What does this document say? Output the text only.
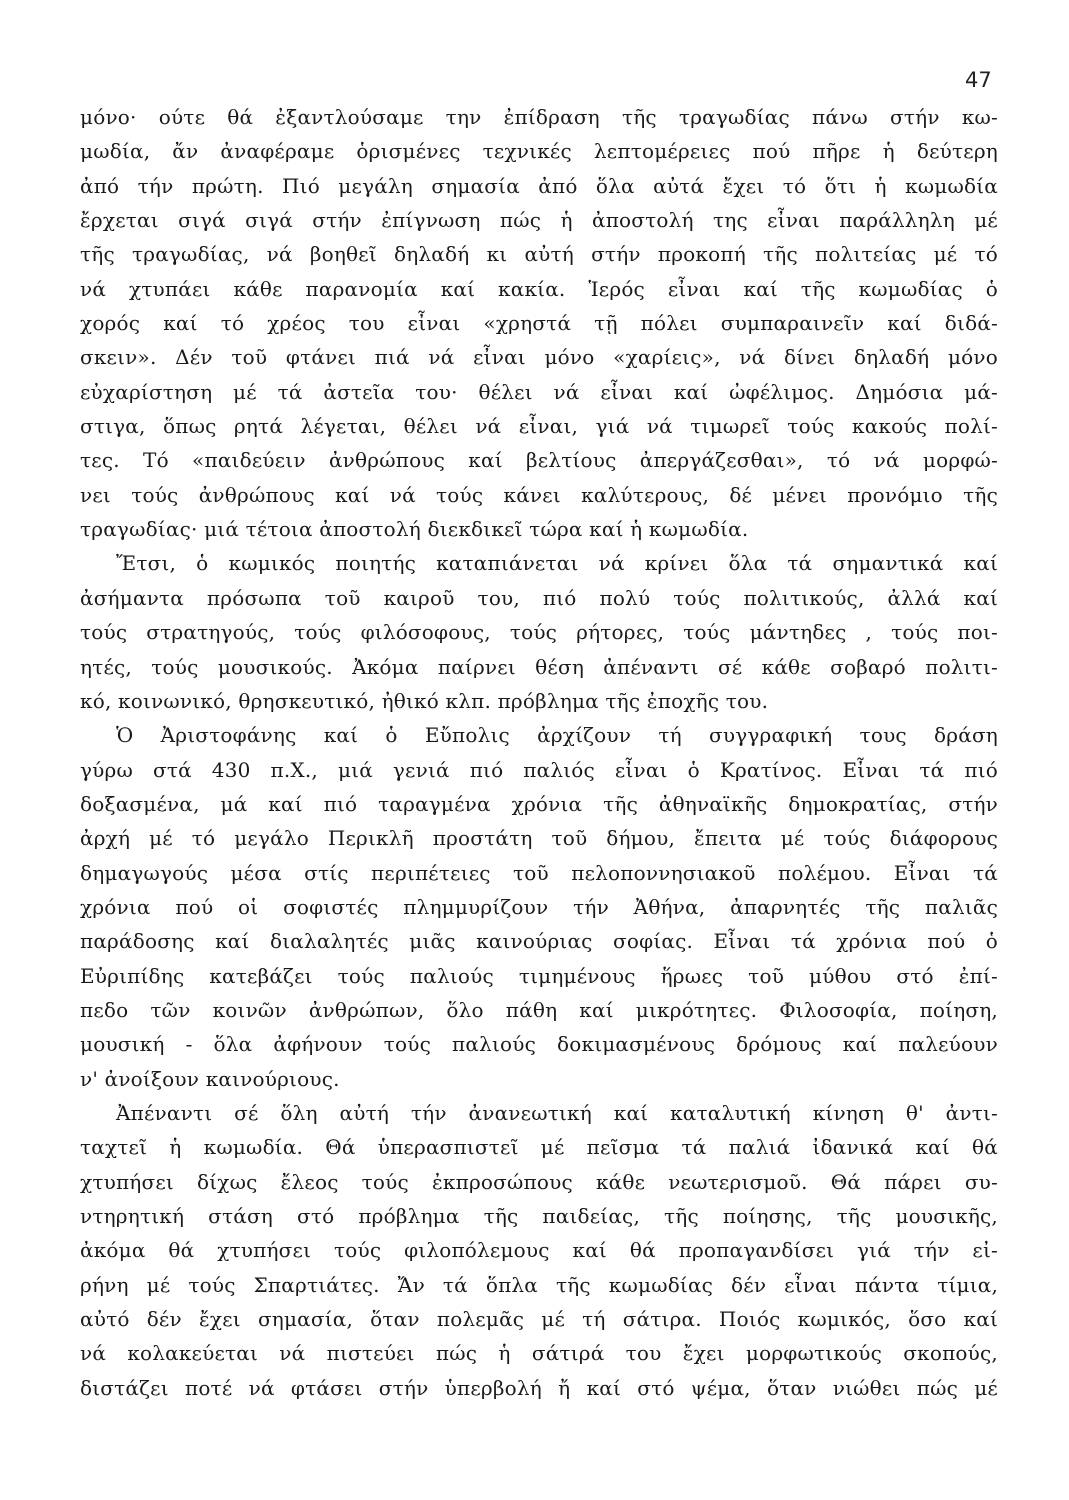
47
μόνο· ούτε θά ἐξαντλούσαμε την ἐπίδραση τῆς τραγωδίας πάνω στήν κω-
μωδία, ἄν ἀναφέραμε ὁρισμένες τεχνικές λεπτομέρειες πού πῆρε ἡ δεύτερη
ἀπό τήν πρώτη. Πιό μεγάλη σημασία ἀπό ὅλα αὐτά ἔχει τό ὅτι ἡ κωμωδία
ἔρχεται σιγά σιγά στήν ἐπίγνωση πώς ἡ ἀποστολή της εἶναι παράλληλη μέ
τῆς τραγωδίας, νά βοηθεῖ δηλαδή κι αὐτή στήν προκοπή τῆς πολιτείας μέ τό
νά χτυπάει κάθε παρανομία καί κακία. Ἱερός εἶναι καί τῆς κωμωδίας ὁ
χορός καί τό χρέος του εἶναι «χρηστά τῇ πόλει συμπαραινεῖν καί διδά-
σκειν». Δέν τοῦ φτάνει πιά νά εἶναι μόνο «χαρίεις», νά δίνει δηλαδή μόνο
εὐχαρίστηση μέ τά ἀστεῖα του· θέλει νά εἶναι καί ὠφέλιμος. Δημόσια μά-
στιγα, ὅπως ρητά λέγεται, θέλει νά εἶναι, γιά νά τιμωρεῖ τούς κακούς πολί-
τες. Τό «παιδεύειν ἀνθρώπους καί βελτίους ἀπεργάζεσθαι», τό νά μορφώ-
νει τούς ἀνθρώπους καί νά τούς κάνει καλύτερους, δέ μένει προνόμιο τῆς
τραγωδίας· μιά τέτοια ἀποστολή διεκδικεῖ τώρα καί ἡ κωμωδία.
Ἔτσι, ὁ κωμικός ποιητής καταπιάνεται νά κρίνει ὅλα τά σημαντικά καί
ἀσήμαντα πρόσωπα τοῦ καιροῦ του, πιό πολύ τούς πολιτικούς, ἀλλά καί
τούς στρατηγούς, τούς φιλόσοφους, τούς ρήτορες, τούς μάντηδες , τούς ποι-
ητές, τούς μουσικούς. Ἀκόμα παίρνει θέση ἀπέναντι σέ κάθε σοβαρό πολιτι-
κό, κοινωνικό, θρησκευτικό, ἠθικό κλπ. πρόβλημα τῆς ἐποχῆς του.
Ὁ Ἀριστοφάνης καί ὁ Εὔπολις ἀρχίζουν τή συγγραφική τους δράση
γύρω στά 430 π.Χ., μιά γενιά πιό παλιός εἶναι ὁ Κρατίνος. Εἶναι τά πιό
δοξασμένα, μά καί πιό ταραγμένα χρόνια τῆς ἀθηναϊκῆς δημοκρατίας, στήν
ἀρχή μέ τό μεγάλο Περικλῆ προστάτη τοῦ δήμου, ἔπειτα μέ τούς διάφορους
δημαγωγούς μέσα στίς περιπέτειες τοῦ πελοποννησιακοῦ πολέμου. Εἶναι τά
χρόνια πού οἱ σοφιστές πλημμυρίζουν τήν Ἀθήνα, ἀπαρνητές τῆς παλιᾶς
παράδοσης καί διαλαλητές μιᾶς καινούριας σοφίας. Εἶναι τά χρόνια πού ὁ
Εὐριπίδης κατεβάζει τούς παλιούς τιμημένους ἥρωες τοῦ μύθου στό ἐπί-
πεδο τῶν κοινῶν ἀνθρώπων, ὅλο πάθη καί μικρότητες. Φιλοσοφία, ποίηση,
μουσική - ὅλα ἀφήνουν τούς παλιούς δοκιμασμένους δρόμους καί παλεύουν
ν' ἀνοίξουν καινούριους.
Ἀπέναντι σέ ὅλη αὐτή τήν ἀνανεωτική καί καταλυτική κίνηση θ' ἀντι-
ταχτεῖ ἡ κωμωδία. Θά ὑπερασπιστεῖ μέ πεῖσμα τά παλιά ἰδανικά καί θά
χτυπήσει δίχως ἔλεος τούς ἐκπροσώπους κάθε νεωτερισμοῦ. Θά πάρει συ-
ντηρητική στάση στό πρόβλημα τῆς παιδείας, τῆς ποίησης, τῆς μουσικῆς,
ἀκόμα θά χτυπήσει τούς φιλοπόλεμους καί θά προπαγανδίσει γιά τήν εἰ-
ρήνη μέ τούς Σπαρτιάτες. Ἄν τά ὅπλα τῆς κωμωδίας δέν εἶναι πάντα τίμια,
αὐτό δέν ἔχει σημασία, ὅταν πολεμᾶς μέ τή σάτιρα. Ποιός κωμικός, ὅσο καί
νά κολακεύεται νά πιστεύει πώς ἡ σάτιρά του ἔχει μορφωτικούς σκοπούς,
διστάζει ποτέ νά φτάσει στήν ὑπερβολή ἤ καί στό ψέμα, ὅταν νιώθει πώς μέ
